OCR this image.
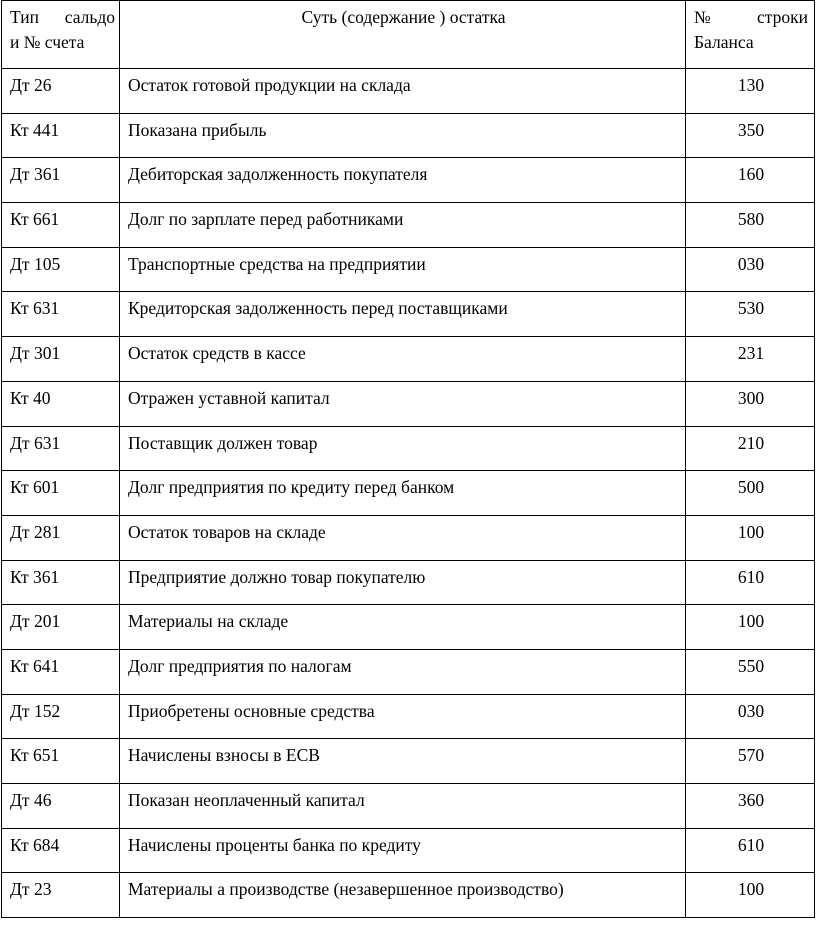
Тип сальдо
и № счета	Суть (содержание ) остатка	№ строки
Баланса

Дт 26	Остаток готовой продукции на склада	130
Кт 441	Показана прибыль	350
Дт 361	Дебиторская задолженность покупателя	160
Кт 661	Долг по зарплате перед работниками	580
Дт 105	Транспортные средства на предприятии	030
Кт 631	Кредиторская задолженность перед поставщиками	530
Дт 301	Остаток средств в кассе	231
Кт 40	Отражен уставной капитал	300
Дт 631	Поставщик должен товар	210
Кт 601	Долг предприятия по кредиту перед банком	500
Дт 281	Остаток товаров на складе	100
Кт 361	Предприятие должно товар покупателю	610
Дт 201	Материалы на складе	100
Кт 641	Долг предприятия по налогам	550
Дт 152	Приобретены основные средства	030
Кт 651	Начислены взносы в ЕСВ	570
Дт 46	Показан неоплаченный капитал	360
Кт 684	Начислены проценты банка по кредиту	610
Дт 23	Материалы а производстве (незавершенное производство)	100
